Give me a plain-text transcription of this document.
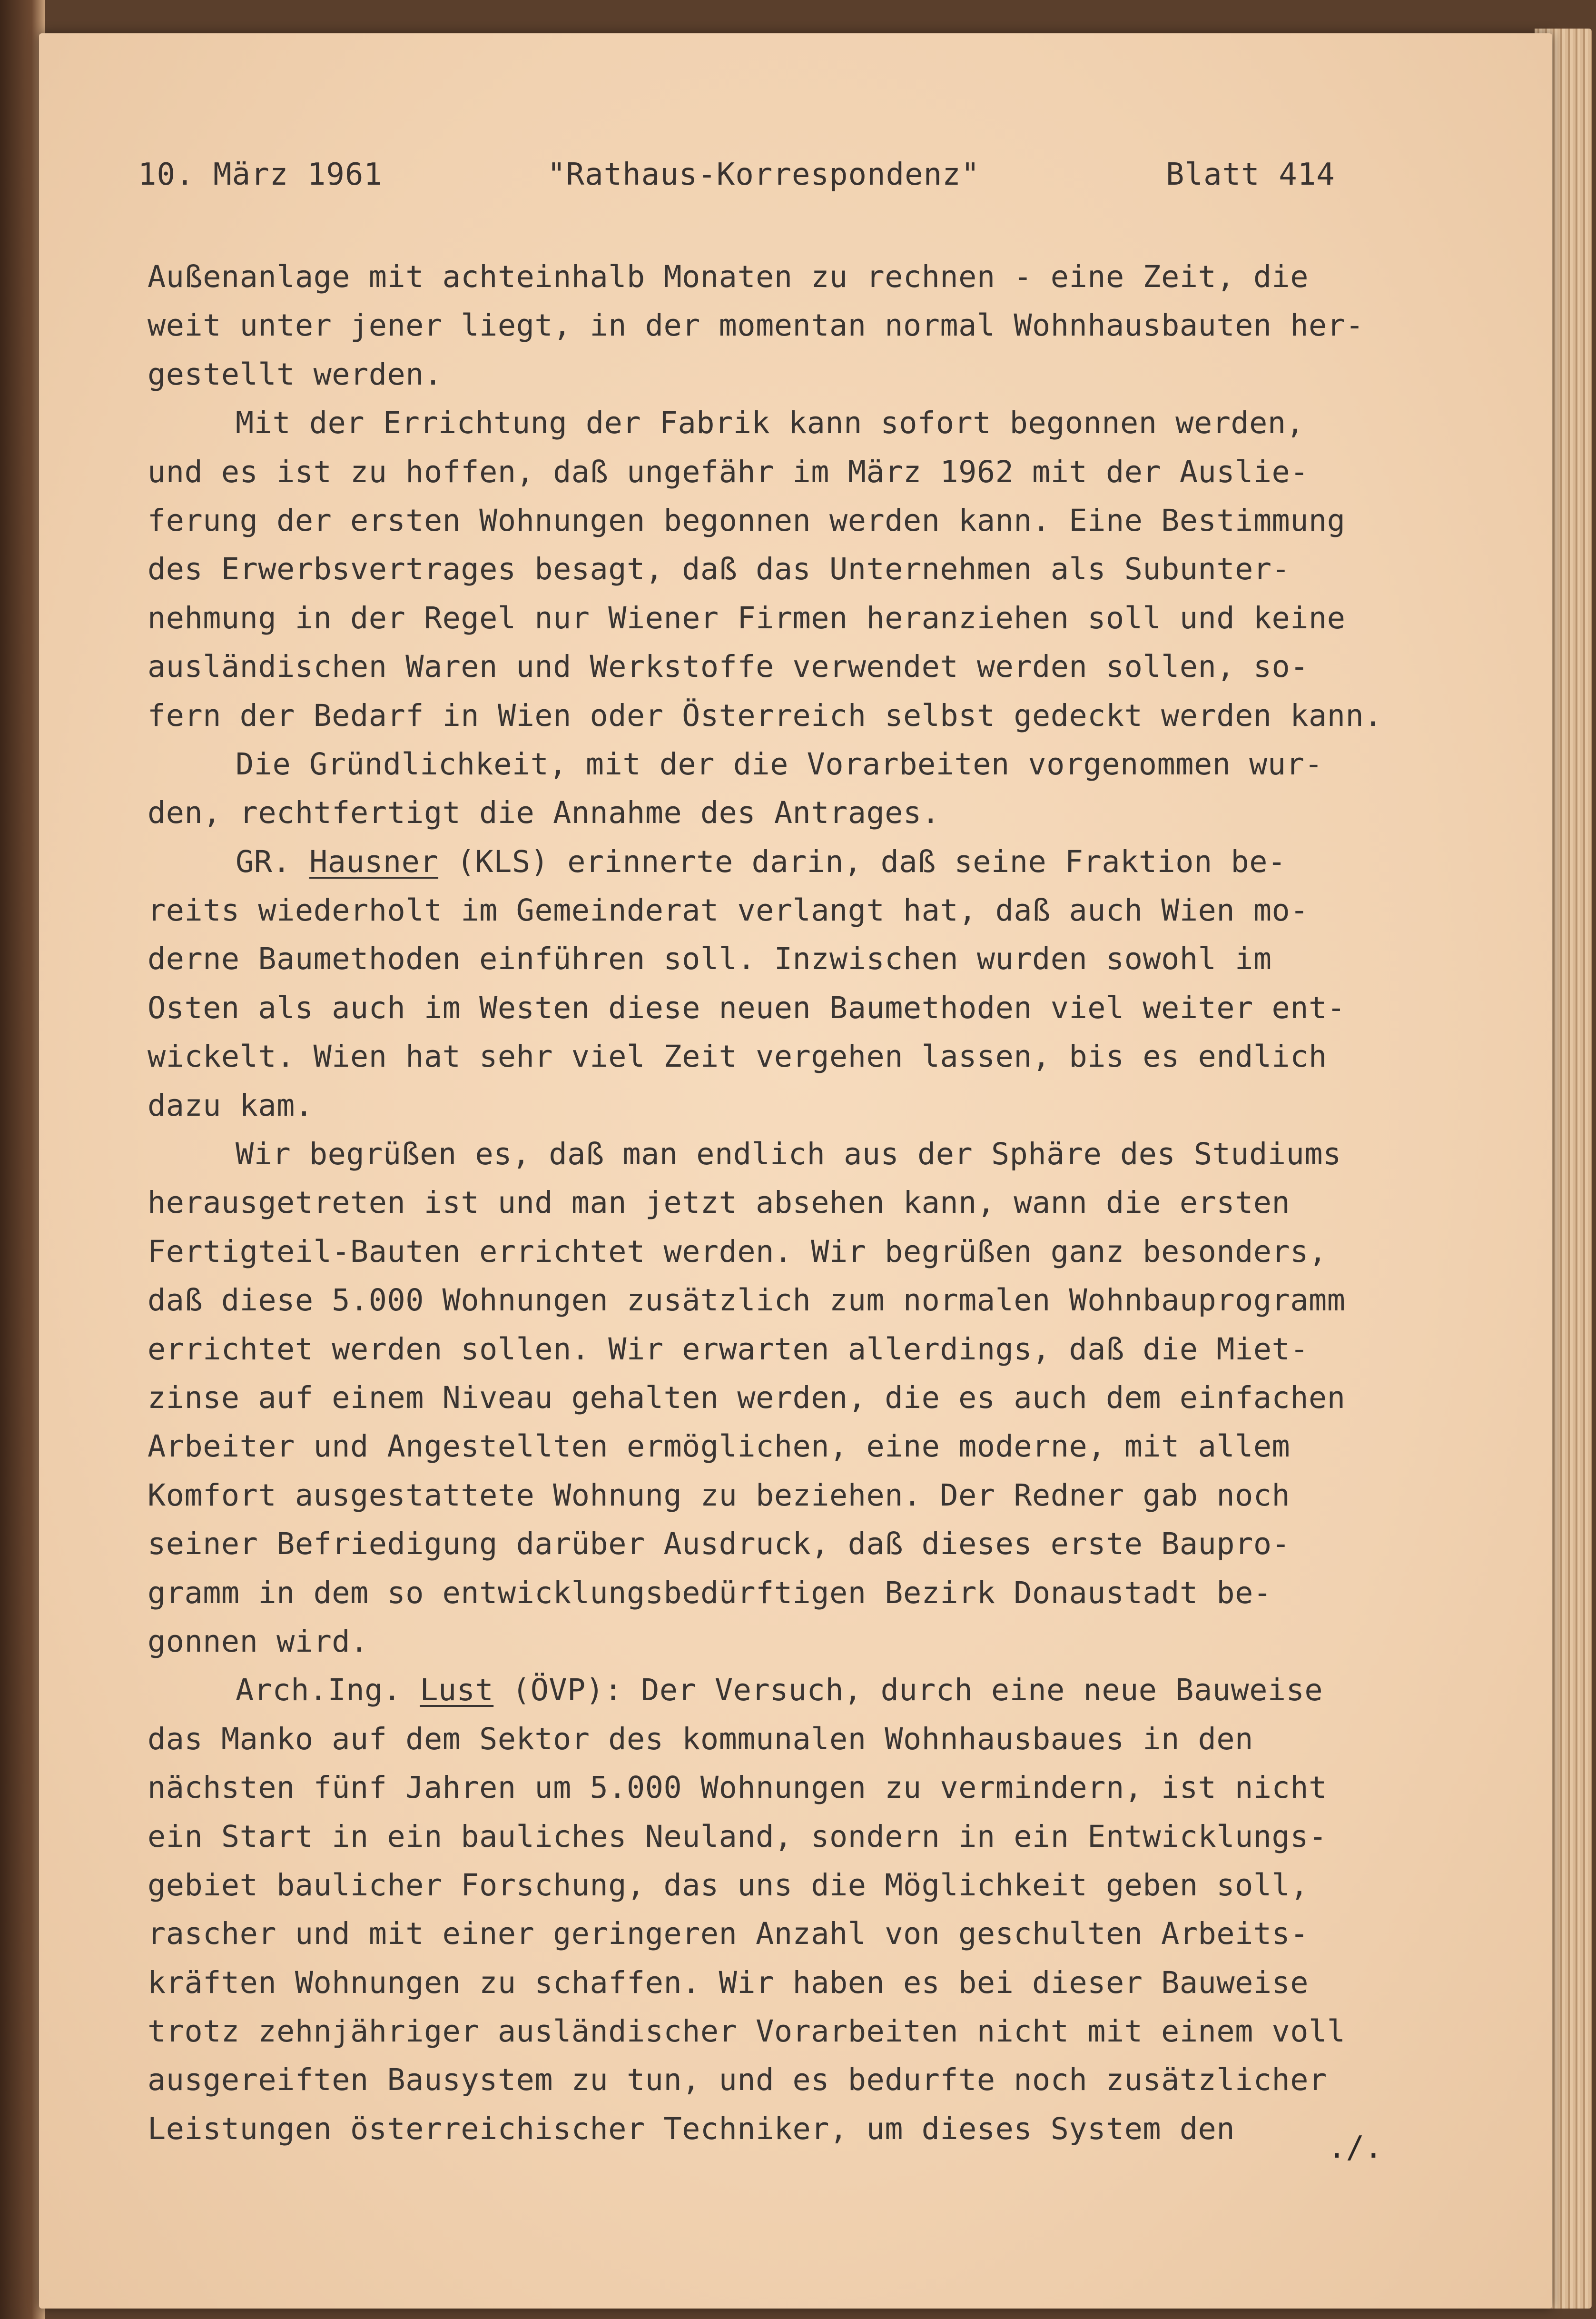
10. März 1961	"Rathaus-Korrespondenz"	Blatt 414
Außenanlage mit achteinhalb Monaten zu rechnen - eine Zeit, die
weit unter jener liegt, in der momentan normal Wohnhausbauten her-
gestellt werden.
Mit der Errichtung der Fabrik kann sofort begonnen werden,
und es ist zu hoffen, daß ungefähr im März 1962 mit der Auslie-
ferung der ersten Wohnungen begonnen werden kann. Eine Bestimmung
des Erwerbsvertrages besagt, daß das Unternehmen als Subunter-
nehmung in der Regel nur Wiener Firmen heranziehen soll und keine
ausländischen Waren und Werkstoffe verwendet werden sollen, so-
fern der Bedarf in Wien oder Österreich selbst gedeckt werden kann.
Die Gründlichkeit, mit der die Vorarbeiten vorgenommen wur-
den, rechtfertigt die Annahme des Antrages.
GR. Hausner (KLS) erinnerte darin, daß seine Fraktion be-
reits wiederholt im Gemeinderat verlangt hat, daß auch Wien mo-
derne Baumethoden einführen soll. Inzwischen wurden sowohl im
Osten als auch im Westen diese neuen Baumethoden viel weiter ent-
wickelt. Wien hat sehr viel Zeit vergehen lassen, bis es endlich
dazu kam.
Wir begrüßen es, daß man endlich aus der Sphäre des Studiums
herausgetreten ist und man jetzt absehen kann, wann die ersten
Fertigteil-Bauten errichtet werden. Wir begrüßen ganz besonders,
daß diese 5.000 Wohnungen zusätzlich zum normalen Wohnbauprogramm
errichtet werden sollen. Wir erwarten allerdings, daß die Miet-
zinse auf einem Niveau gehalten werden, die es auch dem einfachen
Arbeiter und Angestellten ermöglichen, eine moderne, mit allem
Komfort ausgestattete Wohnung zu beziehen. Der Redner gab noch
seiner Befriedigung darüber Ausdruck, daß dieses erste Baupro-
gramm in dem so entwicklungsbedürftigen Bezirk Donaustadt be-
gonnen wird.
Arch.Ing. Lust (ÖVP): Der Versuch, durch eine neue Bauweise
das Manko auf dem Sektor des kommunalen Wohnhausbaues in den
nächsten fünf Jahren um 5.000 Wohnungen zu vermindern, ist nicht
ein Start in ein bauliches Neuland, sondern in ein Entwicklungs-
gebiet baulicher Forschung, das uns die Möglichkeit geben soll,
rascher und mit einer geringeren Anzahl von geschulten Arbeits-
kräften Wohnungen zu schaffen. Wir haben es bei dieser Bauweise
trotz zehnjähriger ausländischer Vorarbeiten nicht mit einem voll
ausgereiften Bausystem zu tun, und es bedurfte noch zusätzlicher
Leistungen österreichischer Techniker, um dieses System den
./.
